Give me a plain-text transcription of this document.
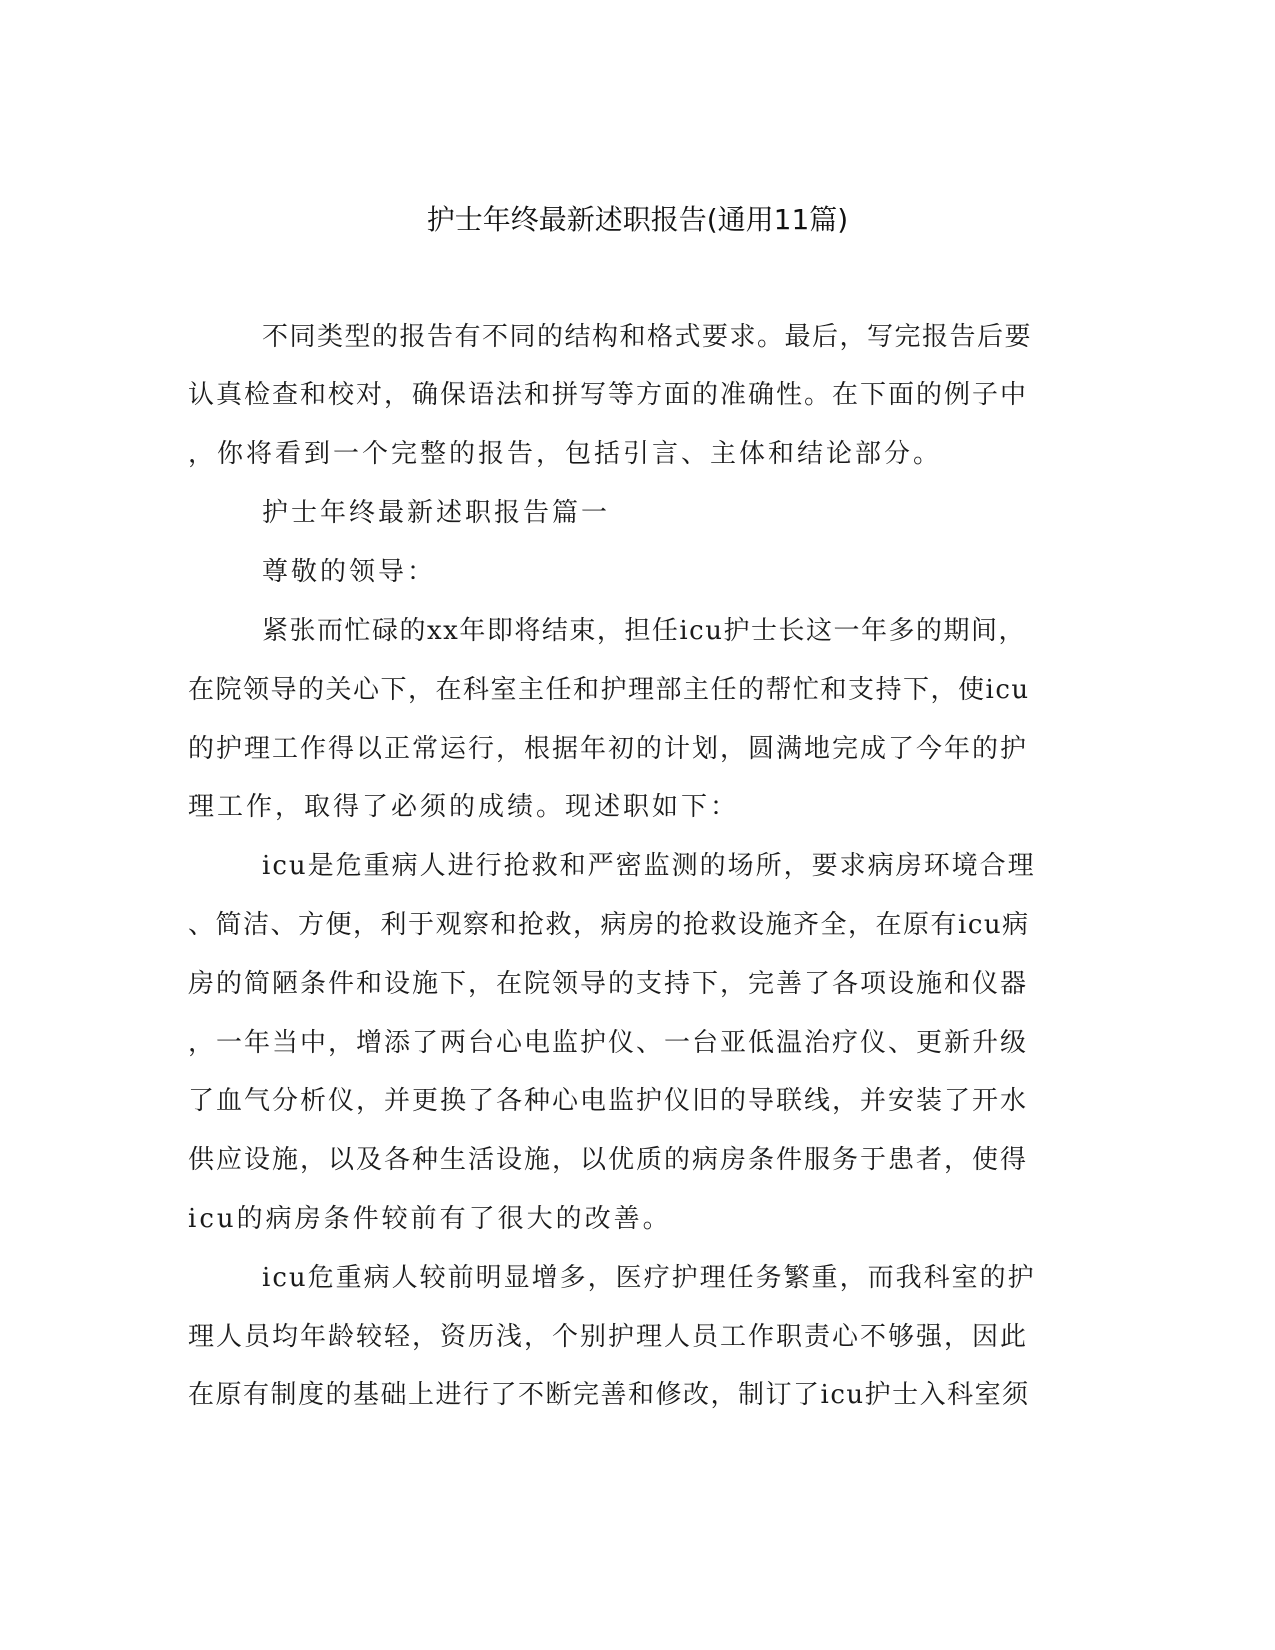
护士年终最新述职报告(通用11篇)
不同类型的报告有不同的结构和格式要求。最后，写完报告后要
认真检查和校对，确保语法和拼写等方面的准确性。在下面的例子中
，你将看到一个完整的报告，包括引言、主体和结论部分。
护士年终最新述职报告篇一
尊敬的领导：
紧张而忙碌的xx年即将结束，担任icu护士长这一年多的期间，
在院领导的关心下，在科室主任和护理部主任的帮忙和支持下，使icu
的护理工作得以正常运行，根据年初的计划，圆满地完成了今年的护
理工作，取得了必须的成绩。现述职如下：
icu是危重病人进行抢救和严密监测的场所，要求病房环境合理
、简洁、方便，利于观察和抢救，病房的抢救设施齐全，在原有icu病
房的简陋条件和设施下，在院领导的支持下，完善了各项设施和仪器
，一年当中，增添了两台心电监护仪、一台亚低温治疗仪、更新升级
了血气分析仪，并更换了各种心电监护仪旧的导联线，并安装了开水
供应设施，以及各种生活设施，以优质的病房条件服务于患者，使得
icu的病房条件较前有了很大的改善。
icu危重病人较前明显增多，医疗护理任务繁重，而我科室的护
理人员均年龄较轻，资历浅，个别护理人员工作职责心不够强，因此
在原有制度的基础上进行了不断完善和修改，制订了icu护士入科室须
